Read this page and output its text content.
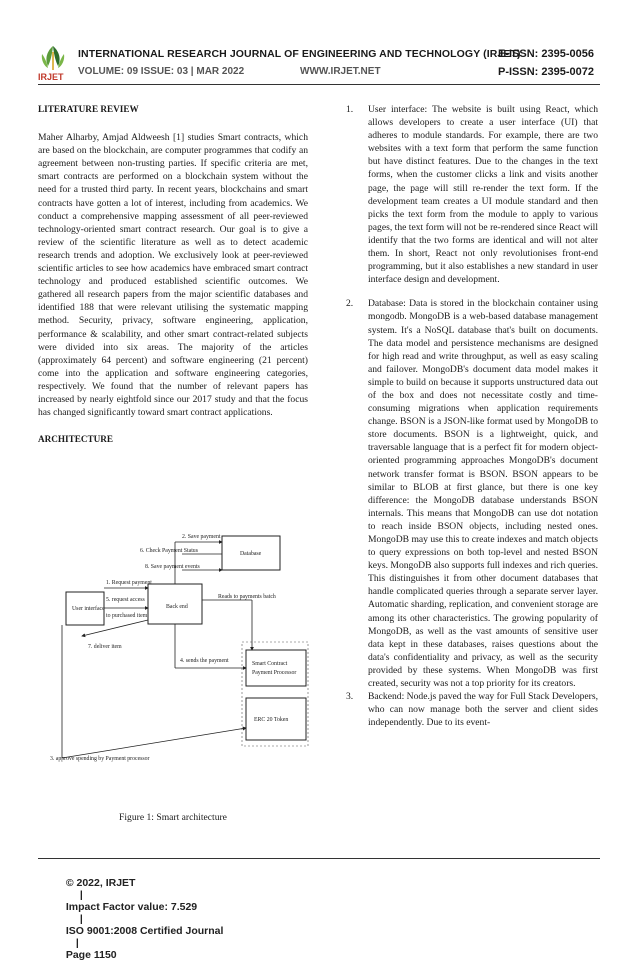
IRJET
INTERNATIONAL RESEARCH JOURNAL OF ENGINEERING AND TECHNOLOGY (IRJET)
VOLUME: 09 ISSUE: 03 | MAR 2022	WWW.IRJET.NET
E-ISSN: 2395-0056
P-ISSN: 2395-0072
LITERATURE REVIEW

Maher Alharby, Amjad Aldweesh [1] studies Smart contracts, which are based on the blockchain, are computer programmes that codify an agreement between non-trusting parties. If specific criteria are met, smart contracts are performed on a blockchain system without the need for a trusted third party. In recent years, blockchains and smart contracts have gotten a lot of interest, including from academics. We conduct a comprehensive mapping assessment of all peer-reviewed technology-oriented smart contract research. Our goal is to give a review of the scientific literature as well as to detect academic research trends and adoption. We exclusively look at peer-reviewed scientific articles to see how academics have embraced smart contract technology and produced established scientific outcomes. We gathered all research papers from the major scientific databases and identified 188 that were relevant utilising the systematic mapping method. Security, privacy, software engineering, application, performance & scalability, and other smart contract-related subjects were divided into six areas. The majority of the articles (approximately 64 percent) and software engineering (21 percent) come into the application and software engineering categories, respectively. We found that the number of relevant papers has increased by nearly eightfold since our 2017 study and that the focus has changed significantly toward smart contract applications.

ARCHITECTURE
User interface	Back end
Database
Smart Contract
Payment Processor
ERC 20 Token
2. Save payment
6. Check Payment Status
8. Save payment events
1. Request payment
5. request access
to purchased item
Reads to payments batch
7. deliver item
4. sends the payment
3. approve spending by Payment processor
Figure 1: Smart architecture
1. User interface: The website is built using React, which allows developers to create a user interface (UI) that adheres to module standards. For example, there are two websites with a text form that perform the same function but have distinct features. Due to the changes in the text forms, when the customer clicks a link and visits another page, the page will still re-render the text form. If the development team creates a UI module standard and then picks the text form from the module to apply to various pages, the text form will not be re-rendered since React will identify that the two forms are identical and will not alter them. In short, React not only revolutionises front-end programming, but it also establishes a new standard in user interface design and development.

2. Database: Data is stored in the blockchain container using mongodb. MongoDB is a web-based database management system. It's a NoSQL database that's built on documents. The data model and persistence mechanisms are designed for high read and write throughput, as well as easy scaling and failover. MongoDB's document data model makes it simple to build on because it supports unstructured data out of the box and does not necessitate costly and time-consuming migrations when application requirements change. BSON is a JSON-like format used by MongoDB to store documents. BSON is a lightweight, quick, and traversable language that is a perfect fit for modern object-oriented programming approaches MongoDB's document network transfer format is BSON. BSON appears to be similar to BLOB at first glance, but there is one key difference: the MongoDB database understands BSON internals. This means that MongoDB can use dot notation to reach inside BSON objects, including nested ones. MongoDB may use this to create indexes and match objects to query expressions on both top-level and nested BSON keys. MongoDB also supports full indexes and rich queries. This distinguishes it from other document databases that handle complicated queries through a separate server layer. Automatic sharding, replication, and convenient storage are among its other characteristics. The growing popularity of MongoDB, as well as the vast amounts of sensitive user data kept in these databases, raises questions about the data's confidentiality and privacy, as well as the security provided by these systems. When MongoDB was first created, security was not a top priority for its creators.

3. Backend: Node.js paved the way for Full Stack Developers, who can now manage both the server and client sides independently. Due to its event-

© 2022, IRJET
|
Impact Factor value: 7.529
|
ISO 9001:2008 Certified Journal
|
Page 1150
